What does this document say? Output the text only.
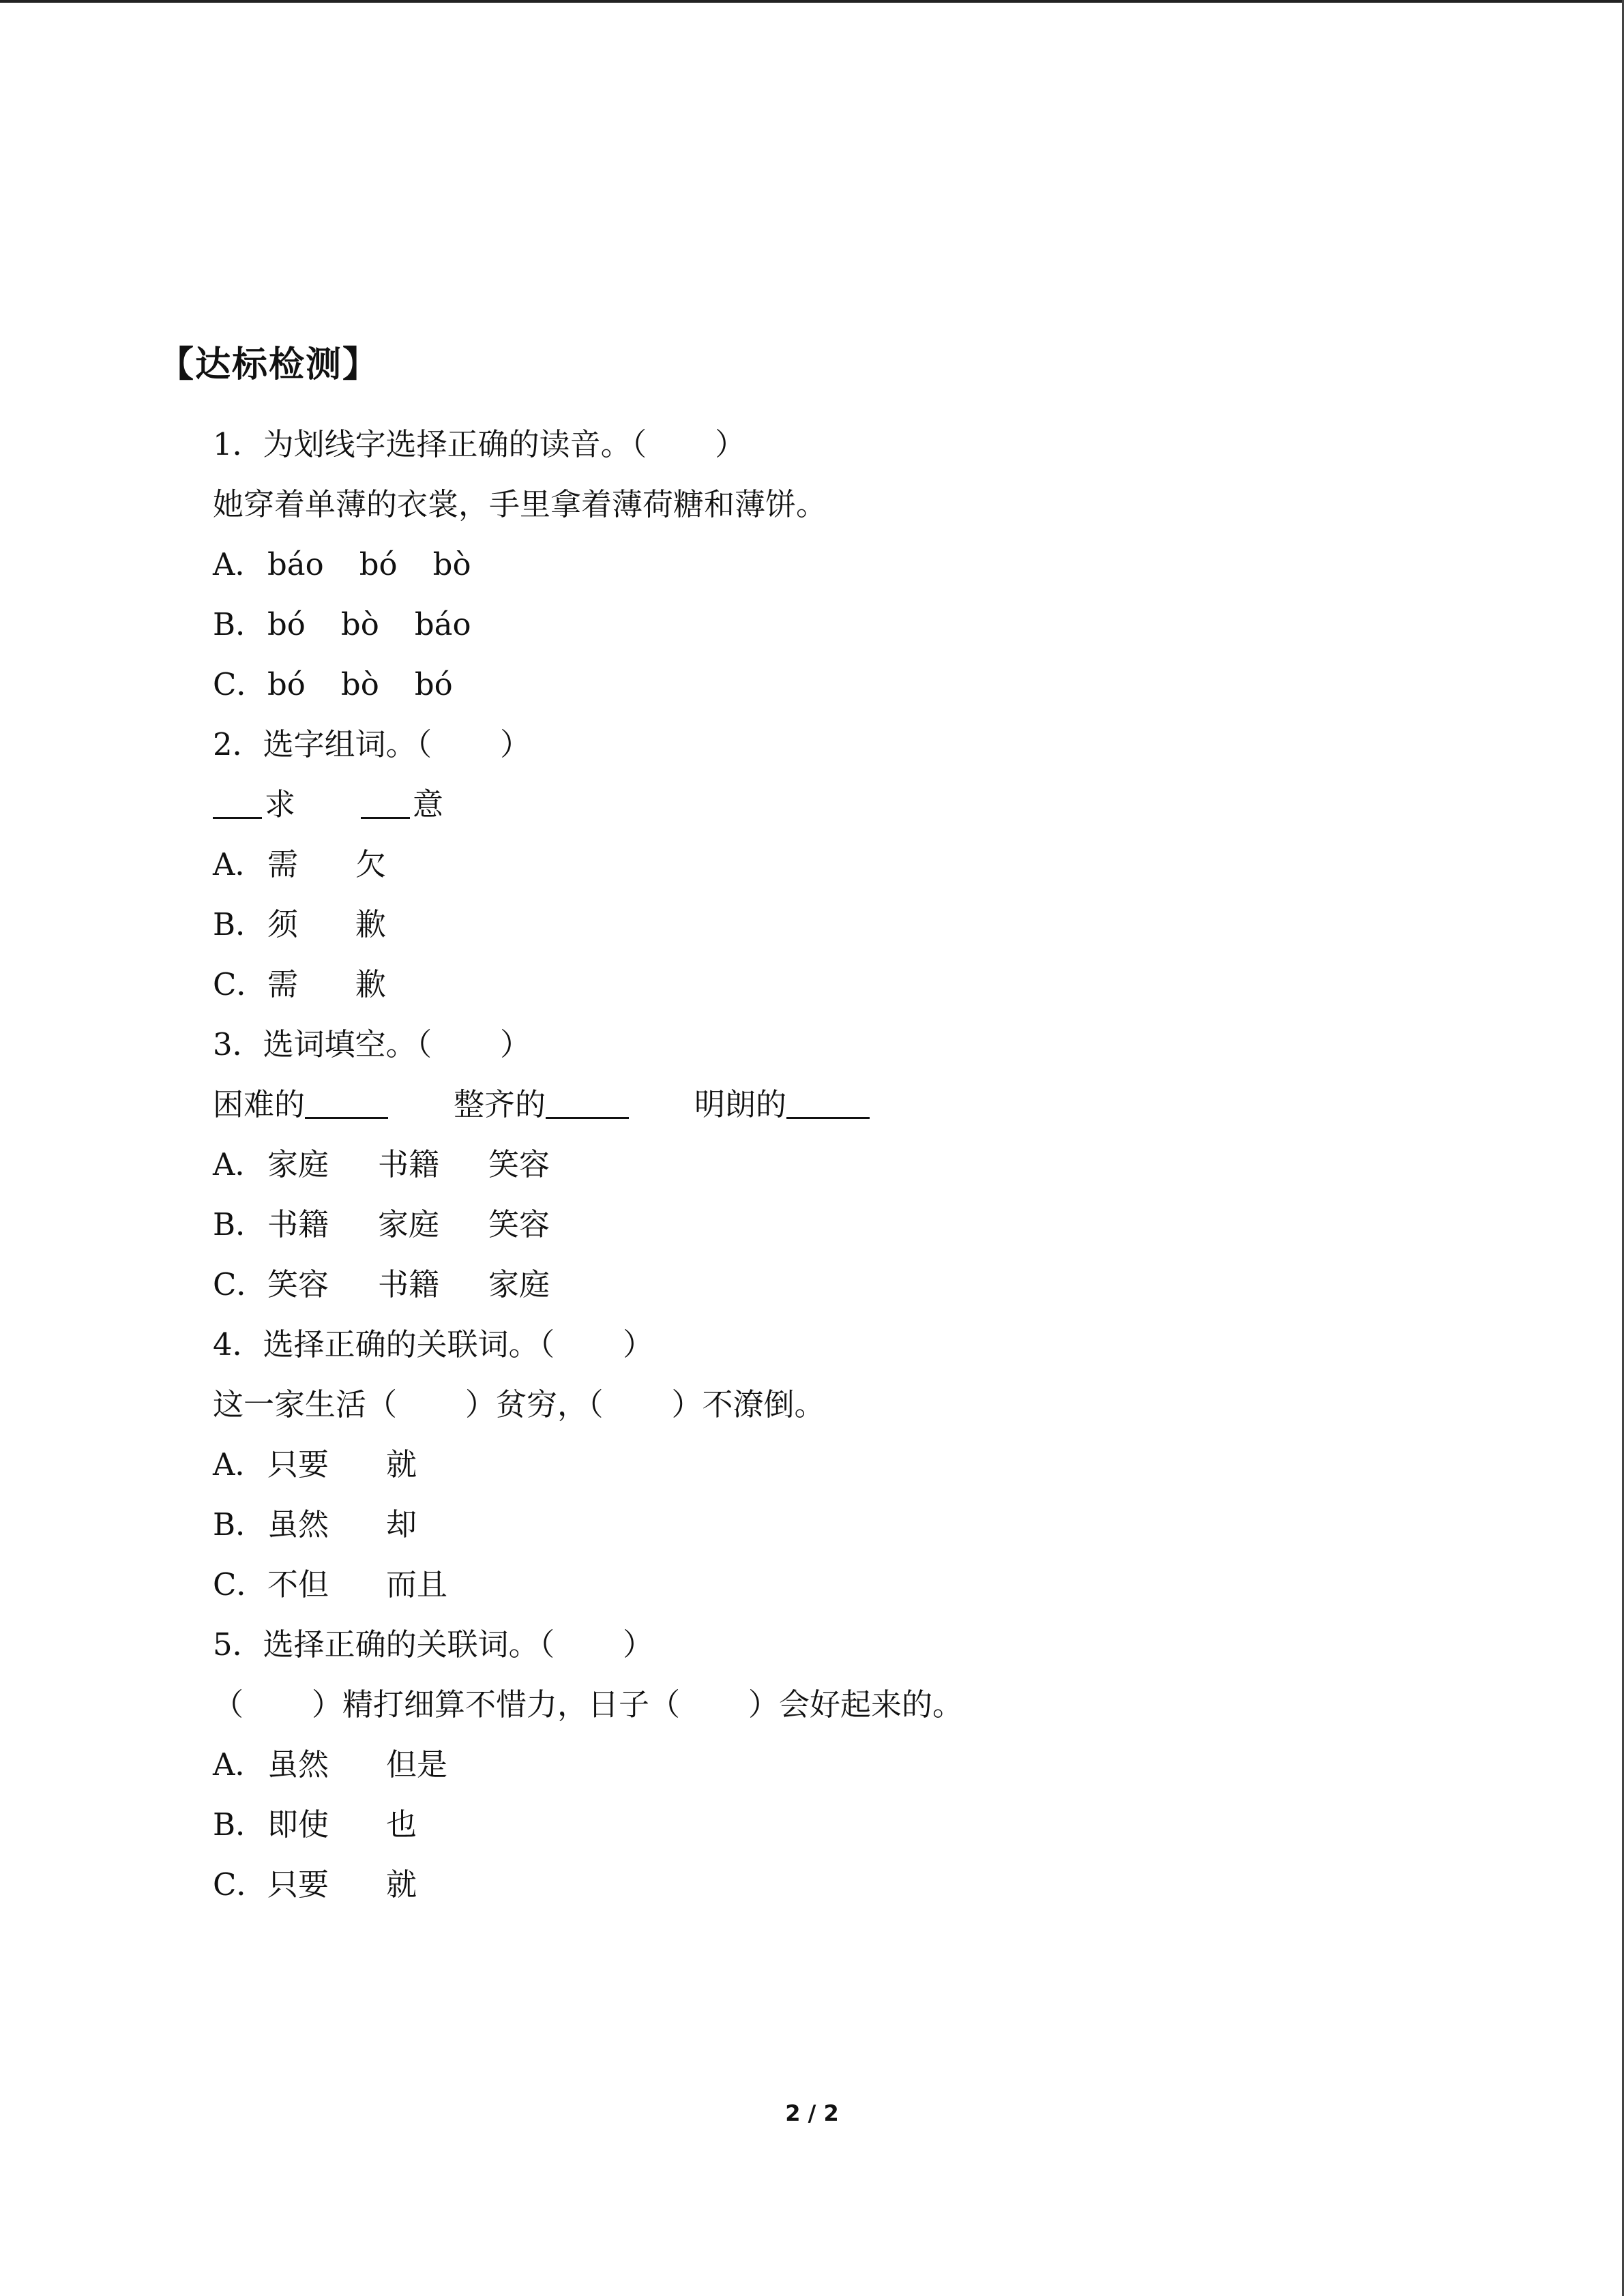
【达标检测】
1．为划线字选择正确的读音。（ ）
她穿着单薄的衣裳，手里拿着薄荷糖和薄饼。
A．báo bó bò
B．bó bò báo
C．bó bò bó
2．选字组词。（ ）
求	意
A．需 欠
B．须 歉
C．需 歉
3．选词填空。（ ）
困难的	整齐的	明朗的
A．家庭 书籍 笑容
B．书籍 家庭 笑容
C．笑容 书籍 家庭
4．选择正确的关联词。（ ）
这一家生活（ ）贫穷，（ ）不潦倒。
A．只要 就
B．虽然 却
C．不但 而且
5．选择正确的关联词。（ ）
（ ）精打细算不惜力，日子（ ）会好起来的。
A．虽然 但是
B．即使 也
C．只要 就
2 / 2
